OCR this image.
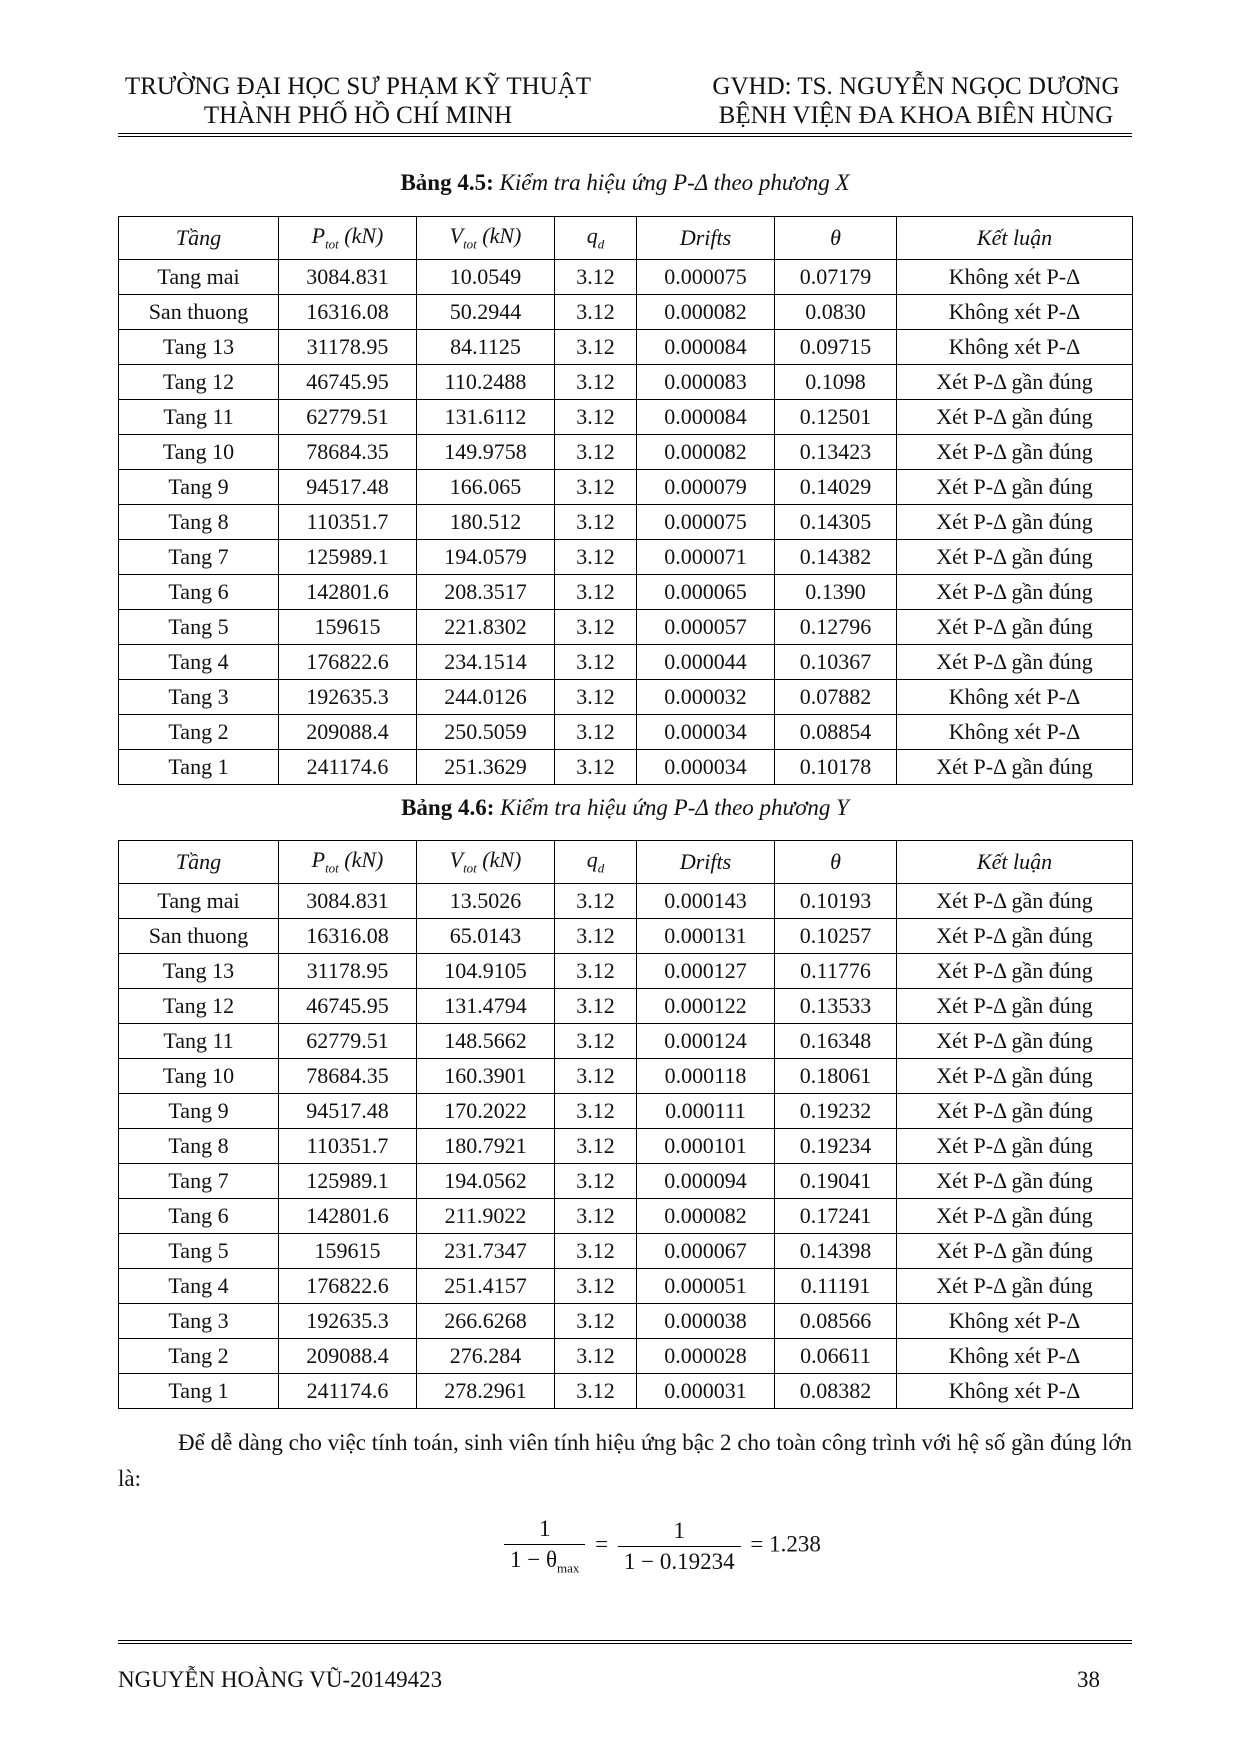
TRƯỜNG ĐẠI HỌC SƯ PHẠM KỸ THUẬT
THÀNH PHỐ HỒ CHÍ MINH
GVHD: TS. NGUYỄN NGỌC DƯƠNG
BỆNH VIỆN ĐA KHOA BIÊN HÙNG
Bảng 4.5: Kiểm tra hiệu ứng P-Δ theo phương X
Tầng	$P_{tot}$ (kN)	$V_{tot}$ (kN)	$q_d$	Drifts	θ	Kết luận
Tang mai	3084.831	10.0549	3.12	0.000075	0.07179	Không xét P-Δ
San thuong	16316.08	50.2944	3.12	0.000082	0.0830	Không xét P-Δ
Tang 13	31178.95	84.1125	3.12	0.000084	0.09715	Không xét P-Δ
Tang 12	46745.95	110.2488	3.12	0.000083	0.1098	Xét P-Δ gần đúng
Tang 11	62779.51	131.6112	3.12	0.000084	0.12501	Xét P-Δ gần đúng
Tang 10	78684.35	149.9758	3.12	0.000082	0.13423	Xét P-Δ gần đúng
Tang 9	94517.48	166.065	3.12	0.000079	0.14029	Xét P-Δ gần đúng
Tang 8	110351.7	180.512	3.12	0.000075	0.14305	Xét P-Δ gần đúng
Tang 7	125989.1	194.0579	3.12	0.000071	0.14382	Xét P-Δ gần đúng
Tang 6	142801.6	208.3517	3.12	0.000065	0.1390	Xét P-Δ gần đúng
Tang 5	159615	221.8302	3.12	0.000057	0.12796	Xét P-Δ gần đúng
Tang 4	176822.6	234.1514	3.12	0.000044	0.10367	Xét P-Δ gần đúng
Tang 3	192635.3	244.0126	3.12	0.000032	0.07882	Không xét P-Δ
Tang 2	209088.4	250.5059	3.12	0.000034	0.08854	Không xét P-Δ
Tang 1	241174.6	251.3629	3.12	0.000034	0.10178	Xét P-Δ gần đúng
Bảng 4.6: Kiểm tra hiệu ứng P-Δ theo phương Y
Tầng	$P_{tot}$ (kN)	$V_{tot}$ (kN)	$q_d$	Drifts	θ	Kết luận
Tang mai	3084.831	13.5026	3.12	0.000143	0.10193	Xét P-Δ gần đúng
San thuong	16316.08	65.0143	3.12	0.000131	0.10257	Xét P-Δ gần đúng
Tang 13	31178.95	104.9105	3.12	0.000127	0.11776	Xét P-Δ gần đúng
Tang 12	46745.95	131.4794	3.12	0.000122	0.13533	Xét P-Δ gần đúng
Tang 11	62779.51	148.5662	3.12	0.000124	0.16348	Xét P-Δ gần đúng
Tang 10	78684.35	160.3901	3.12	0.000118	0.18061	Xét P-Δ gần đúng
Tang 9	94517.48	170.2022	3.12	0.000111	0.19232	Xét P-Δ gần đúng
Tang 8	110351.7	180.7921	3.12	0.000101	0.19234	Xét P-Δ gần đúng
Tang 7	125989.1	194.0562	3.12	0.000094	0.19041	Xét P-Δ gần đúng
Tang 6	142801.6	211.9022	3.12	0.000082	0.17241	Xét P-Δ gần đúng
Tang 5	159615	231.7347	3.12	0.000067	0.14398	Xét P-Δ gần đúng
Tang 4	176822.6	251.4157	3.12	0.000051	0.11191	Xét P-Δ gần đúng
Tang 3	192635.3	266.6268	3.12	0.000038	0.08566	Không xét P-Δ
Tang 2	209088.4	276.284	3.12	0.000028	0.06611	Không xét P-Δ
Tang 1	241174.6	278.2961	3.12	0.000031	0.08382	Không xét P-Δ
Để dễ dàng cho việc tính toán, sinh viên tính hiệu ứng bậc 2 cho toàn công trình với hệ số gần đúng lớn là:
$\frac{1}{1 - \theta_{max}} = \frac{1}{1 - 0.19234} = 1.238$
NGUYỄN HOÀNG VŨ-20149423	38
